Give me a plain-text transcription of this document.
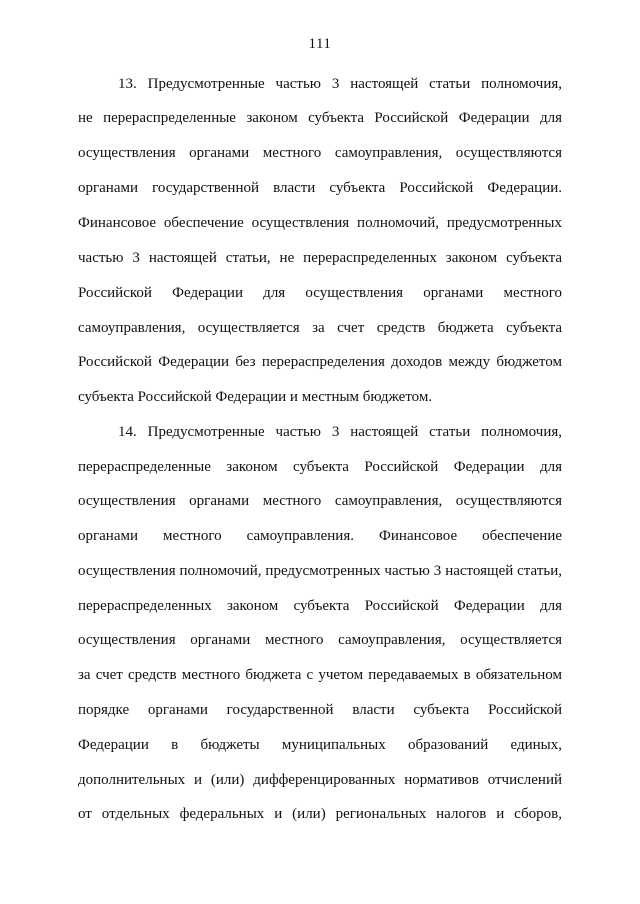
111
13. Предусмотренные частью 3 настоящей статьи полномочия,
не перераспределенные законом субъекта Российской Федерации для
осуществления органами местного самоуправления, осуществляются
органами государственной власти субъекта Российской Федерации.
Финансовое обеспечение осуществления полномочий, предусмотренных
частью 3 настоящей статьи, не перераспределенных законом субъекта
Российской Федерации для осуществления органами местного
самоуправления, осуществляется за счет средств бюджета субъекта
Российской Федерации без перераспределения доходов между бюджетом
субъекта Российской Федерации и местным бюджетом.
14. Предусмотренные частью 3 настоящей статьи полномочия,
перераспределенные законом субъекта Российской Федерации для
осуществления органами местного самоуправления, осуществляются
органами местного самоуправления. Финансовое обеспечение
осуществления полномочий, предусмотренных частью 3 настоящей статьи,
перераспределенных законом субъекта Российской Федерации для
осуществления органами местного самоуправления, осуществляется
за счет средств местного бюджета с учетом передаваемых в обязательном
порядке органами государственной власти субъекта Российской
Федерации в бюджеты муниципальных образований единых,
дополнительных и (или) дифференцированных нормативов отчислений
от отдельных федеральных и (или) региональных налогов и сборов,
